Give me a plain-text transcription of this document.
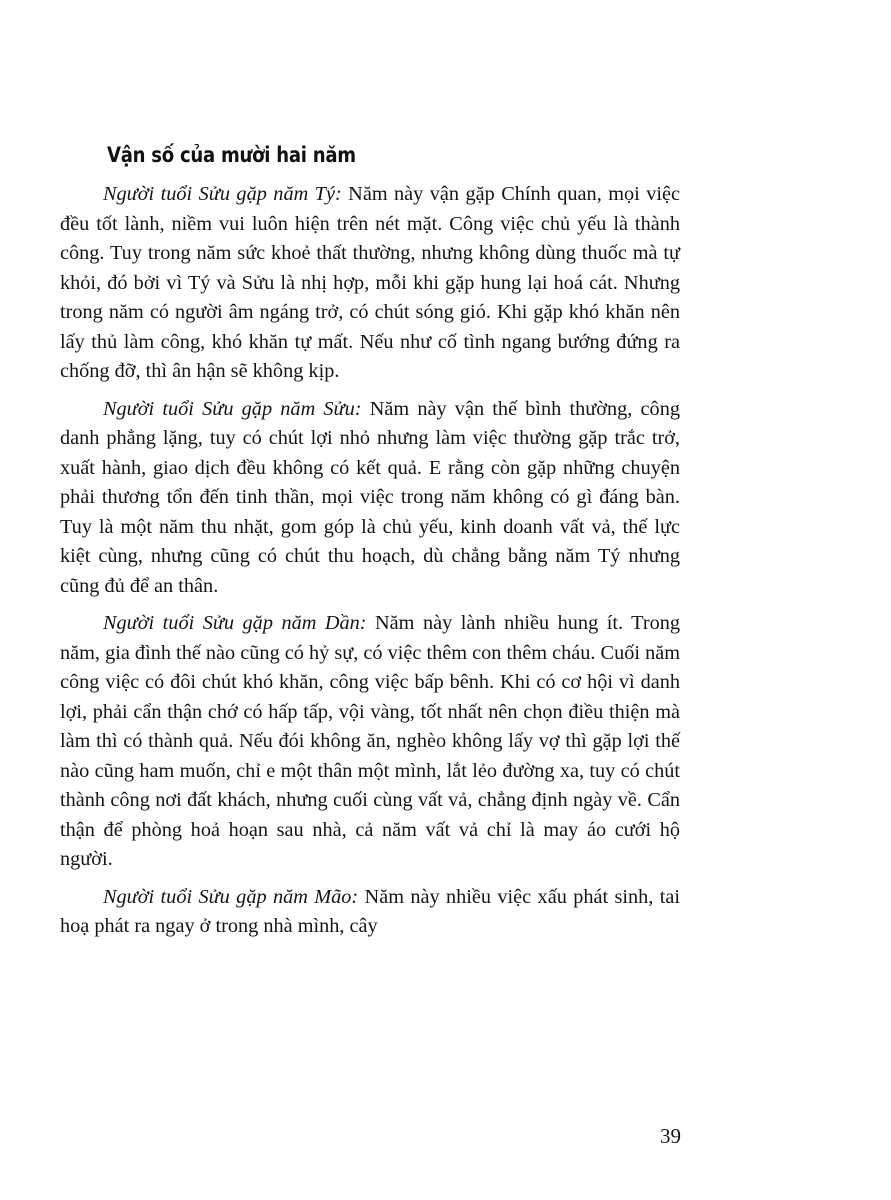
Vận số của mười hai năm

Người tuổi Sửu gặp năm Tý: Năm này vận gặp Chính quan, mọi việc đều tốt lành, niềm vui luôn hiện trên nét mặt. Công việc chủ yếu là thành công. Tuy trong năm sức khoẻ thất thường, nhưng không dùng thuốc mà tự khỏi, đó bởi vì Tý và Sửu là nhị hợp, mỗi khi gặp hung lại hoá cát. Nhưng trong năm có người âm ngáng trở, có chút sóng gió. Khi gặp khó khăn nên lấy thủ làm công, khó khăn tự mất. Nếu như cố tình ngang bướng đứng ra chống đỡ, thì ân hận sẽ không kịp.

Người tuổi Sửu gặp năm Sửu: Năm này vận thế bình thường, công danh phẳng lặng, tuy có chút lợi nhỏ nhưng làm việc thường gặp trắc trở, xuất hành, giao dịch đều không có kết quả. E rằng còn gặp những chuyện phải thương tổn đến tinh thần, mọi việc trong năm không có gì đáng bàn. Tuy là một năm thu nhặt, gom góp là chủ yếu, kinh doanh vất vả, thế lực kiệt cùng, nhưng cũng có chút thu hoạch, dù chẳng bằng năm Tý nhưng cũng đủ để an thân.

Người tuổi Sửu gặp năm Dần: Năm này lành nhiều hung ít. Trong năm, gia đình thế nào cũng có hỷ sự, có việc thêm con thêm cháu. Cuối năm công việc có đôi chút khó khăn, công việc bấp bênh. Khi có cơ hội vì danh lợi, phải cẩn thận chớ có hấp tấp, vội vàng, tốt nhất nên chọn điều thiện mà làm thì có thành quả. Nếu đói không ăn, nghèo không lấy vợ thì gặp lợi thế nào cũng ham muốn, chỉ e một thân một mình, lắt lẻo đường xa, tuy có chút thành công nơi đất khách, nhưng cuối cùng vất vả, chẳng định ngày về. Cẩn thận để phòng hoả hoạn sau nhà, cả năm vất vả chỉ là may áo cưới hộ người.

Người tuổi Sửu gặp năm Mão: Năm này nhiều việc xấu phát sinh, tai hoạ phát ra ngay ở trong nhà mình, cây

39
